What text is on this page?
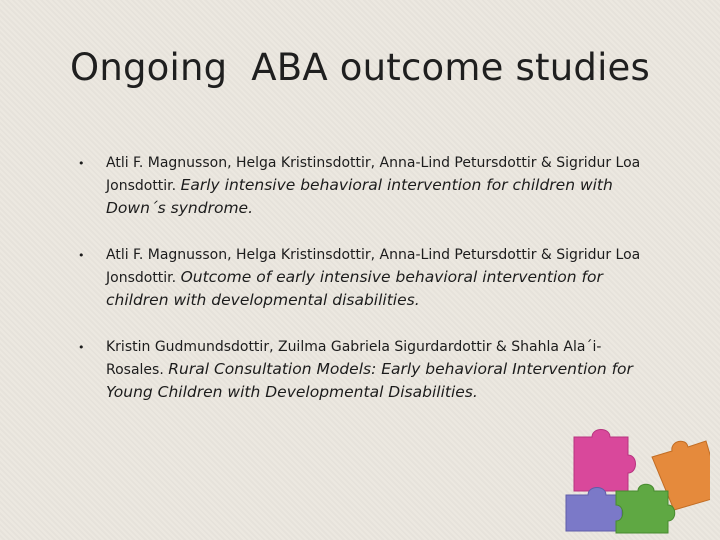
Ongoing  ABA outcome studies
• Atli F. Magnusson, Helga Kristinsdottir, Anna-Lind Petursdottir & Sigridur Loa Jonsdottir. Early intensive behavioral intervention for children with Down´s syndrome.
• Atli F. Magnusson, Helga Kristinsdottir, Anna-Lind Petursdottir & Sigridur Loa Jonsdottir. Outcome of early intensive behavioral intervention for children with developmental disabilities.
• Kristin Gudmundsdottir, Zuilma Gabriela Sigurdardottir & Shahla Ala´i-Rosales. Rural Consultation Models: Early behavioral Intervention for Young Children with Developmental Disabilities.
